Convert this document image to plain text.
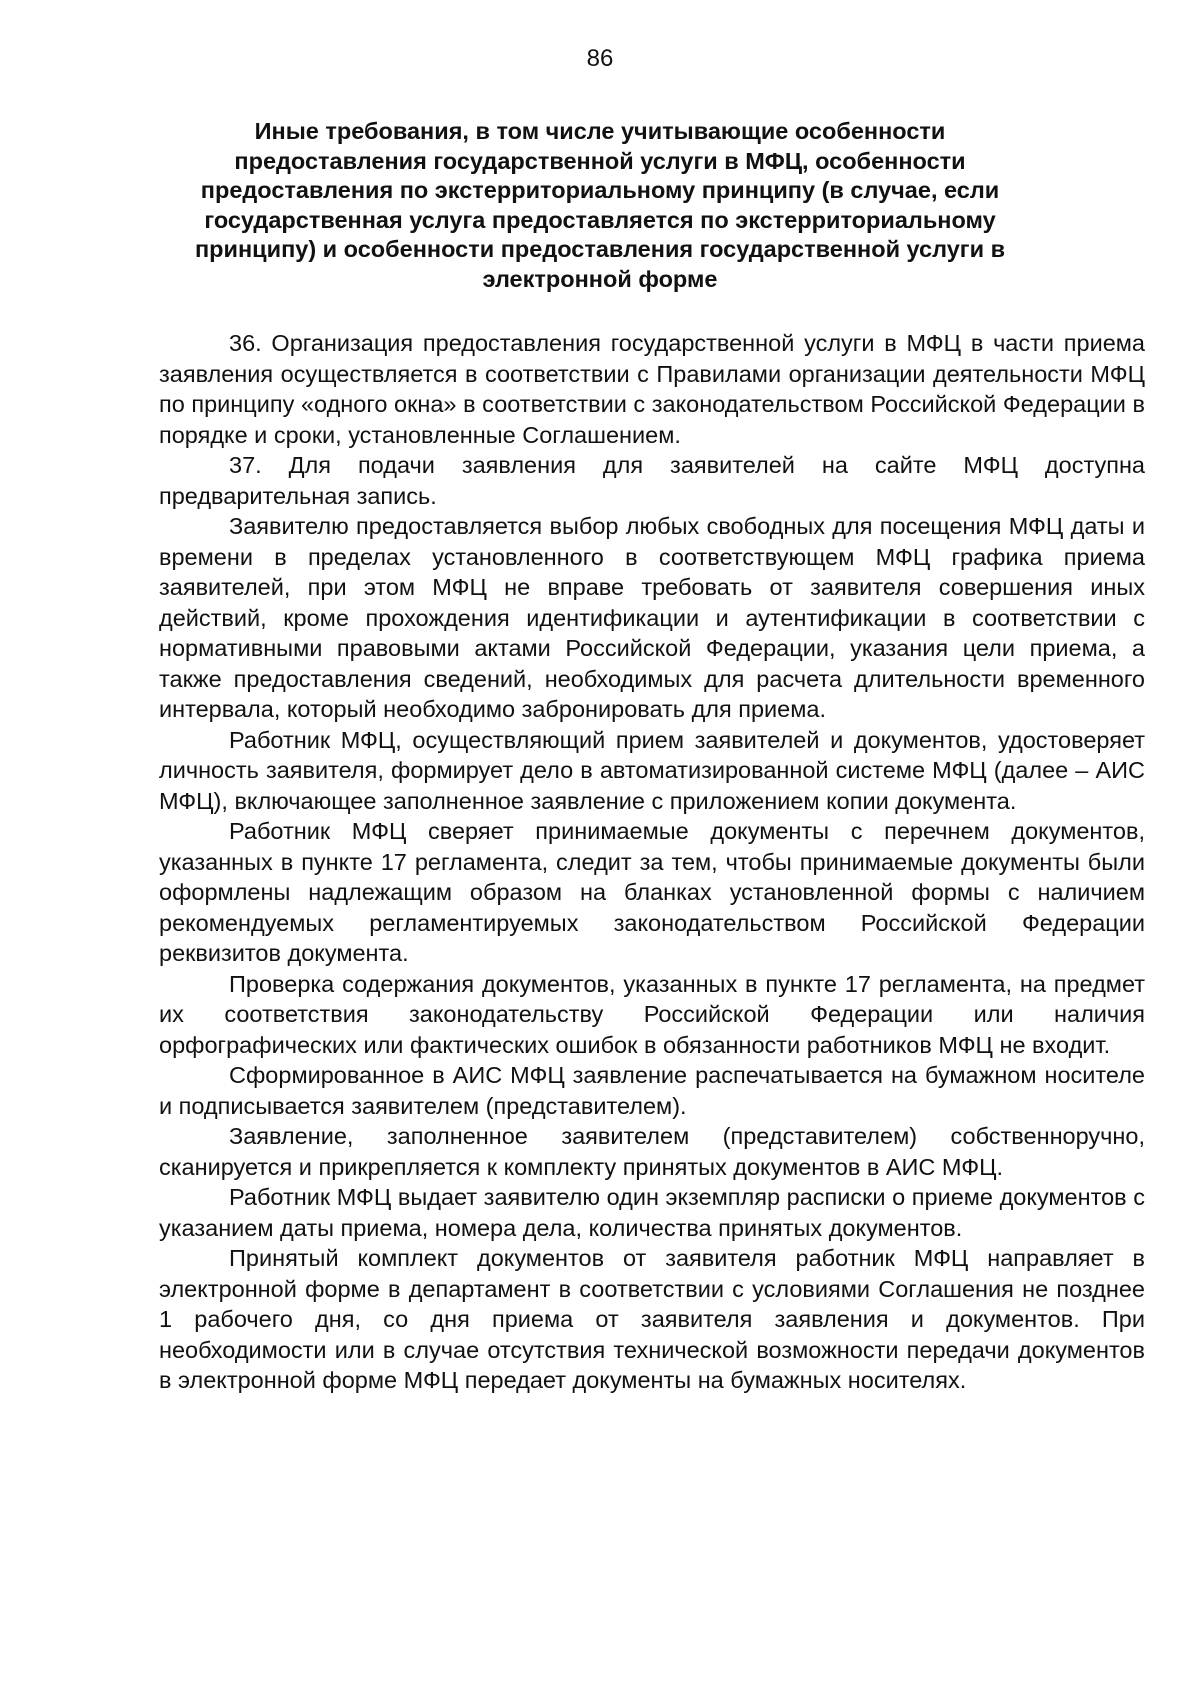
86
Иные требования, в том числе учитывающие особенности предоставления государственной услуги в МФЦ, особенности предоставления по экстерриториальному принципу (в случае, если государственная услуга предоставляется по экстерриториальному принципу) и особенности предоставления государственной услуги в электронной форме

36. Организация предоставления государственной услуги в МФЦ в части приема заявления осуществляется в соответствии с Правилами организации деятельности МФЦ по принципу «одного окна» в соответствии с законодательством Российской Федерации в порядке и сроки, установленные Соглашением.

37. Для подачи заявления для заявителей на сайте МФЦ доступна предварительная запись.

Заявителю предоставляется выбор любых свободных для посещения МФЦ даты и времени в пределах установленного в соответствующем МФЦ графика приема заявителей, при этом МФЦ не вправе требовать от заявителя совершения иных действий, кроме прохождения идентификации и аутентификации в соответствии с нормативными правовыми актами Российской Федерации, указания цели приема, а также предоставления сведений, необходимых для расчета длительности временного интервала, который необходимо забронировать для приема.

Работник МФЦ, осуществляющий прием заявителей и документов, удостоверяет личность заявителя, формирует дело в автоматизированной системе МФЦ (далее – АИС МФЦ), включающее заполненное заявление с приложением копии документа.

Работник МФЦ сверяет принимаемые документы с перечнем документов, указанных в пункте 17 регламента, следит за тем, чтобы принимаемые документы были оформлены надлежащим образом на бланках установленной формы с наличием рекомендуемых регламентируемых законодательством Российской Федерации реквизитов документа.

Проверка содержания документов, указанных в пункте 17 регламента, на предмет их соответствия законодательству Российской Федерации или наличия орфографических или фактических ошибок в обязанности работников МФЦ не входит.

Сформированное в АИС МФЦ заявление распечатывается на бумажном носителе и подписывается заявителем (представителем).

Заявление, заполненное заявителем (представителем) собственноручно, сканируется и прикрепляется к комплекту принятых документов в АИС МФЦ.

Работник МФЦ выдает заявителю один экземпляр расписки о приеме документов с указанием даты приема, номера дела, количества принятых документов.

Принятый комплект документов от заявителя работник МФЦ направляет в электронной форме в департамент в соответствии с условиями Соглашения не позднее 1 рабочего дня, со дня приема от заявителя заявления и документов. При необходимости или в случае отсутствия технической возможности передачи документов в электронной форме МФЦ передает документы на бумажных носителях.
